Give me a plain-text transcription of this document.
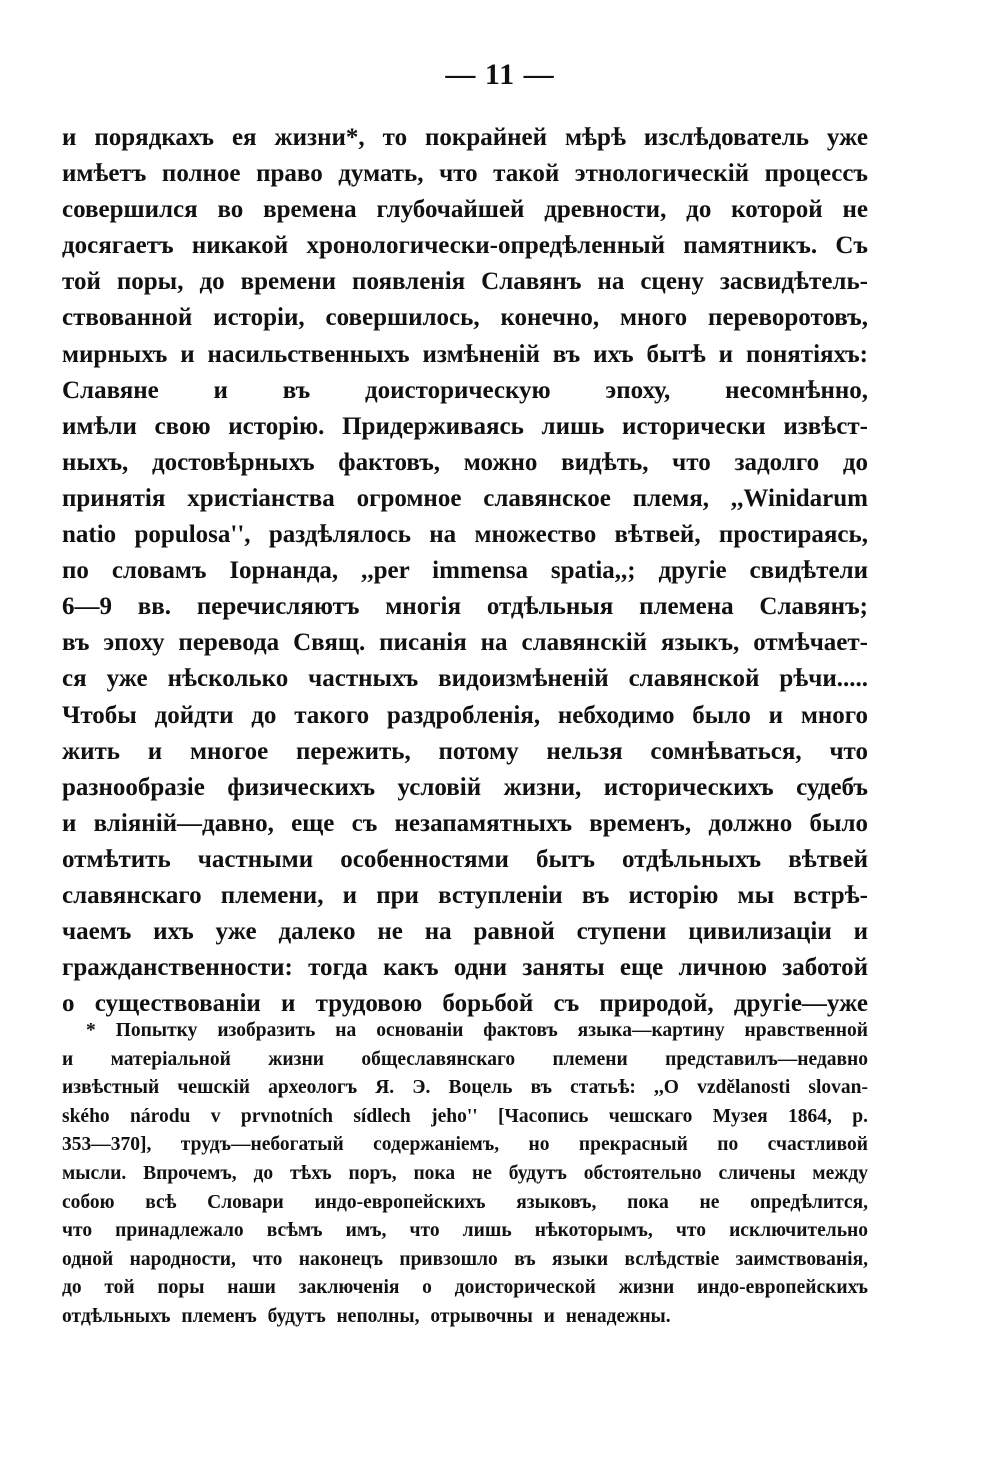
— 11 —
и порядкахъ ея жизни*, то покрайней мѣрѣ изслѣдователь уже
имѣетъ полное право думать, что такой этнологическій процессъ
совершился во времена глубочайшей древности, до которой не
досягаетъ никакой хронологически-опредѣленный памятникъ. Съ
той поры, до времени появленія Славянъ на сцену засвидѣтель-
ствованной исторіи, совершилось, конечно, много переворотовъ,
мирныхъ и насильственныхъ измѣненій въ ихъ бытѣ и понятіяхъ:
Славяне и въ доисторическую эпоху, несомнѣнно,
имѣли свою исторію. Придерживаясь лишь исторически извѣст-
ныхъ, достовѣрныхъ фактовъ, можно видѣть, что задолго до
принятія христіанства огромное славянское племя, ,,Winidarum
natio populosa'', раздѣлялось на множество вѣтвей, простираясь,
по словамъ Іорнанда, ,,per immensa spatia,,; другіе свидѣтели
6—9 вв. перечисляютъ многія отдѣльныя племена Славянъ;
въ эпоху перевода Свящ. писанія на славянскій языкъ, отмѣчает-
ся уже нѣсколько частныхъ видоизмѣненій славянской рѣчи.....
Чтобы дойдти до такого раздробленія, небходимо было и много
жить и многое пережить, потому нельзя сомнѣваться, что
разнообразіе физическихъ условій жизни, историческихъ судебъ
и вліяній—давно, еще съ незапамятныхъ временъ, должно было
отмѣтить частными особенностями бытъ отдѣльныхъ вѣтвей
славянскаго племени, и при вступленіи въ исторію мы встрѣ-
чаемъ ихъ уже далеко не на равной ступени цивилизаціи и
гражданственности: тогда какъ одни заняты еще личною заботой
о существованіи и трудовою борьбой съ природой, другіе—уже
* Попытку изобразить на основаніи фактовъ языка—картину нравственной
и матеріальной жизни общеславянскаго племени представилъ—недавно
извѣстный чешскій археологъ Я. Э. Воцель въ статьѣ: ,,O vzdělanosti slovan-
ského národu v prvnotních sídlech jeho'' [Часопись чешскаго Музея 1864, p.
353—370], трудъ—небогатый содержаніемъ, но прекрасный по счастливой
мысли. Впрочемъ, до тѣхъ поръ, пока не будутъ обстоятельно сличены между
собою всѣ Словари индо-европейскихъ языковъ, пока не опредѣлится,
что принадлежало всѣмъ имъ, что лишь нѣкоторымъ, что исключительно
одной народности, что наконецъ привзошло въ языки вслѣдствіе заимствованія,
до той поры наши заключенія о доисторической жизни индо-европейскихъ
отдѣльныхъ племенъ будутъ неполны, отрывочны и ненадежны.
